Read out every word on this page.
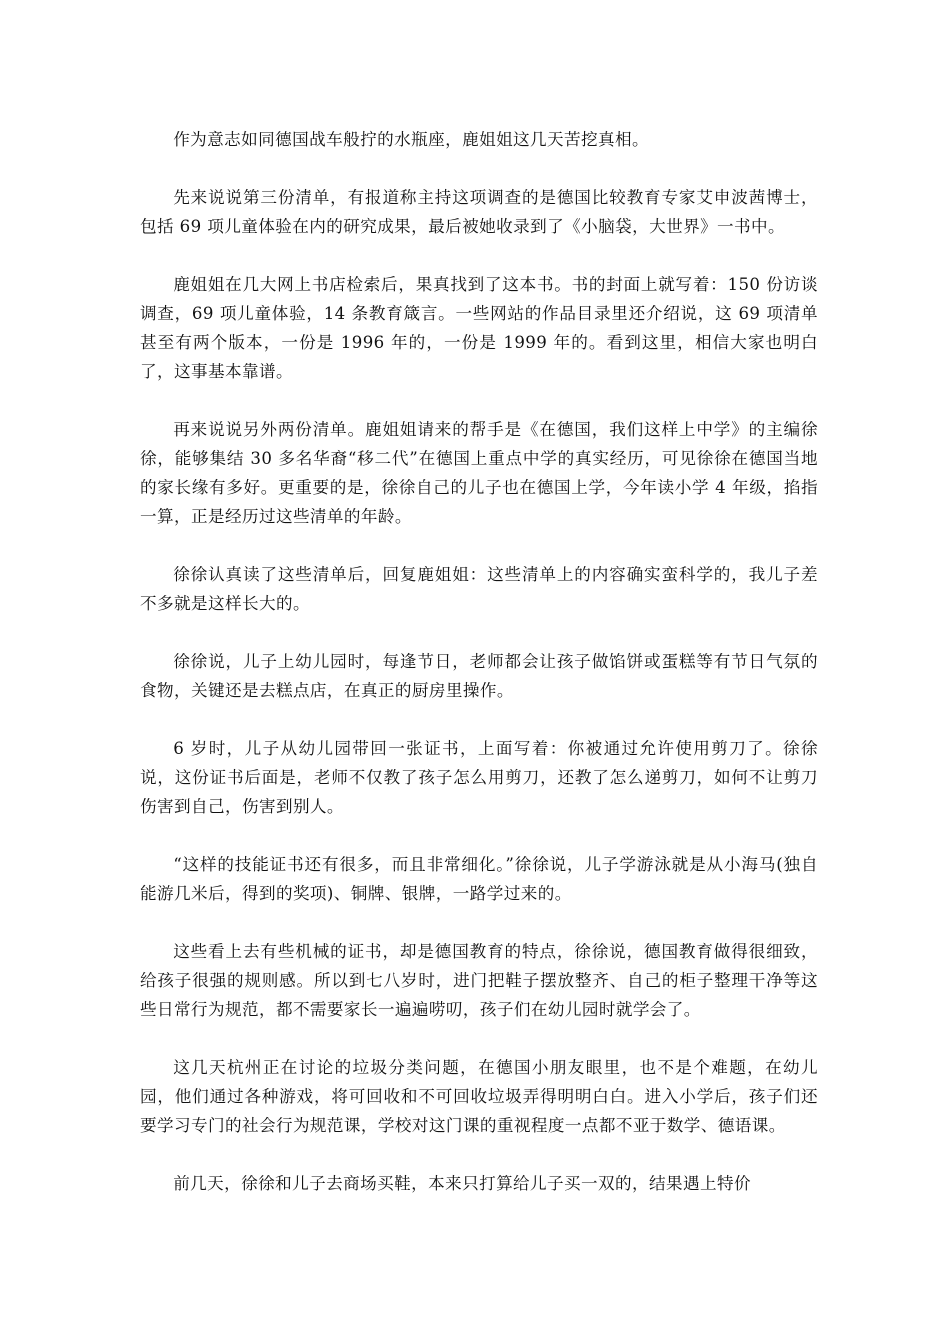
作为意志如同德国战车般拧的水瓶座，鹿姐姐这几天苦挖真相。

先来说说第三份清单，有报道称主持这项调查的是德国比较教育专家艾申波茜博士，包括 69 项儿童体验在内的研究成果，最后被她收录到了《小脑袋，大世界》一书中。

鹿姐姐在几大网上书店检索后，果真找到了这本书。书的封面上就写着：150 份访谈调查，69 项儿童体验，14 条教育箴言。一些网站的作品目录里还介绍说，这 69 项清单甚至有两个版本，一份是 1996 年的，一份是 1999 年的。看到这里，相信大家也明白了，这事基本靠谱。

再来说说另外两份清单。鹿姐姐请来的帮手是《在德国，我们这样上中学》的主编徐徐，能够集结 30 多名华裔“移二代”在德国上重点中学的真实经历，可见徐徐在德国当地的家长缘有多好。更重要的是，徐徐自己的儿子也在德国上学，今年读小学 4 年级，掐指一算，正是经历过这些清单的年龄。

徐徐认真读了这些清单后，回复鹿姐姐：这些清单上的内容确实蛮科学的，我儿子差不多就是这样长大的。

徐徐说，儿子上幼儿园时，每逢节日，老师都会让孩子做馅饼或蛋糕等有节日气氛的食物，关键还是去糕点店，在真正的厨房里操作。

6 岁时，儿子从幼儿园带回一张证书，上面写着：你被通过允许使用剪刀了。徐徐说，这份证书后面是，老师不仅教了孩子怎么用剪刀，还教了怎么递剪刀，如何不让剪刀伤害到自己，伤害到别人。

“这样的技能证书还有很多，而且非常细化。”徐徐说，儿子学游泳就是从小海马(独自能游几米后，得到的奖项)、铜牌、银牌，一路学过来的。

这些看上去有些机械的证书，却是德国教育的特点，徐徐说，德国教育做得很细致，给孩子很强的规则感。所以到七八岁时，进门把鞋子摆放整齐、自己的柜子整理干净等这些日常行为规范，都不需要家长一遍遍唠叨，孩子们在幼儿园时就学会了。

这几天杭州正在讨论的垃圾分类问题，在德国小朋友眼里，也不是个难题，在幼儿园，他们通过各种游戏，将可回收和不可回收垃圾弄得明明白白。进入小学后，孩子们还要学习专门的社会行为规范课，学校对这门课的重视程度一点都不亚于数学、德语课。

前几天，徐徐和儿子去商场买鞋，本来只打算给儿子买一双的，结果遇上特价
